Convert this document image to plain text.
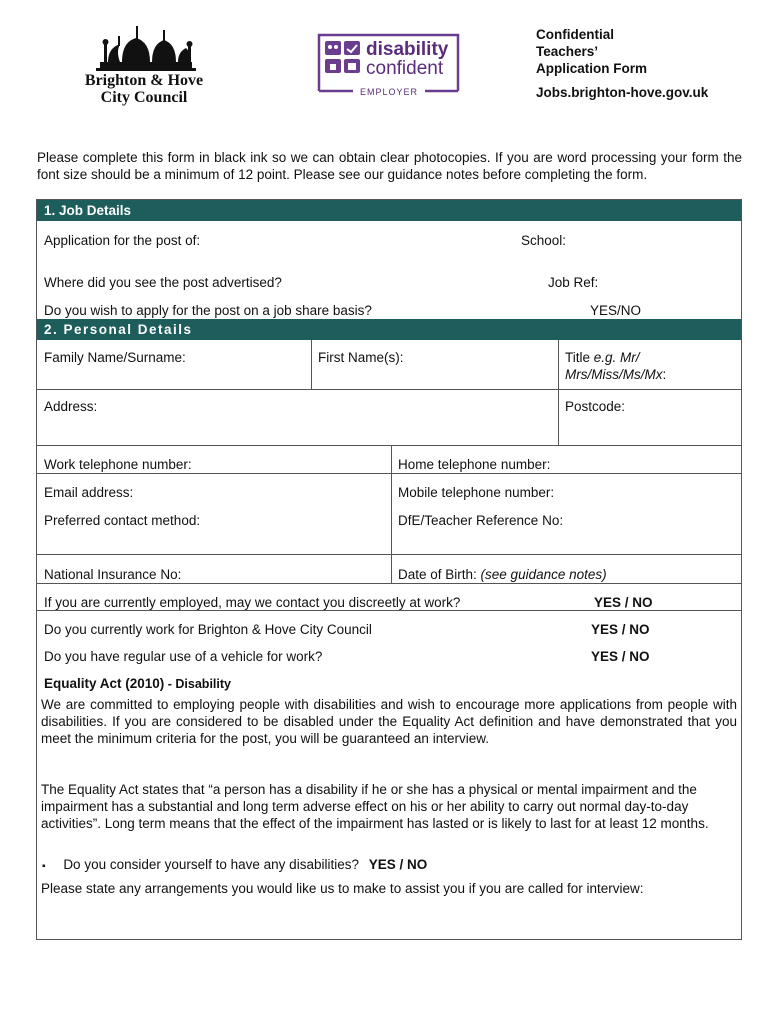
Brighton & Hove
City Council
disability
confident
EMPLOYER
Confidential
Teachers’
Application Form
Jobs.brighton-hove.gov.uk
Please complete this form in black ink so we can obtain clear photocopies. If you are word processing your form the font size should be a minimum of 12 point. Please see our guidance notes before completing the form.
1. Job Details
Application for the post of:	School:
Where did you see the post advertised?	Job Ref:
Do you wish to apply for the post on a job share basis?	YES/NO
2. Personal Details
Family Name/Surname:	First Name(s):	Title e.g. Mr/
Mrs/Miss/Ms/Mx:
Address:	Postcode:
Work telephone number:	Home telephone number:
Email address:	Mobile telephone number:
Preferred contact method:	DfE/Teacher Reference No:
National Insurance No:	Date of Birth: (see guidance notes)
If you are currently employed, may we contact you discreetly at work?	YES / NO
Do you currently work for Brighton & Hove City Council	YES / NO
Do you have regular use of a vehicle for work?	YES / NO
Equality Act (2010) - Disability
We are committed to employing people with disabilities and wish to encourage more applications from people with disabilities. If you are considered to be disabled under the Equality Act definition and have demonstrated that you meet the minimum criteria for the post, you will be guaranteed an interview.
The Equality Act states that “a person has a disability if he or she has a physical or mental impairment and the impairment has a substantial and long term adverse effect on his or her ability to carry out normal day-to-day activities”. Long term means that the effect of the impairment has lasted or is likely to last for at least 12 months.
▪ Do you consider yourself to have any disabilities? YES / NO
Please state any arrangements you would like us to make to assist you if you are called for interview:
